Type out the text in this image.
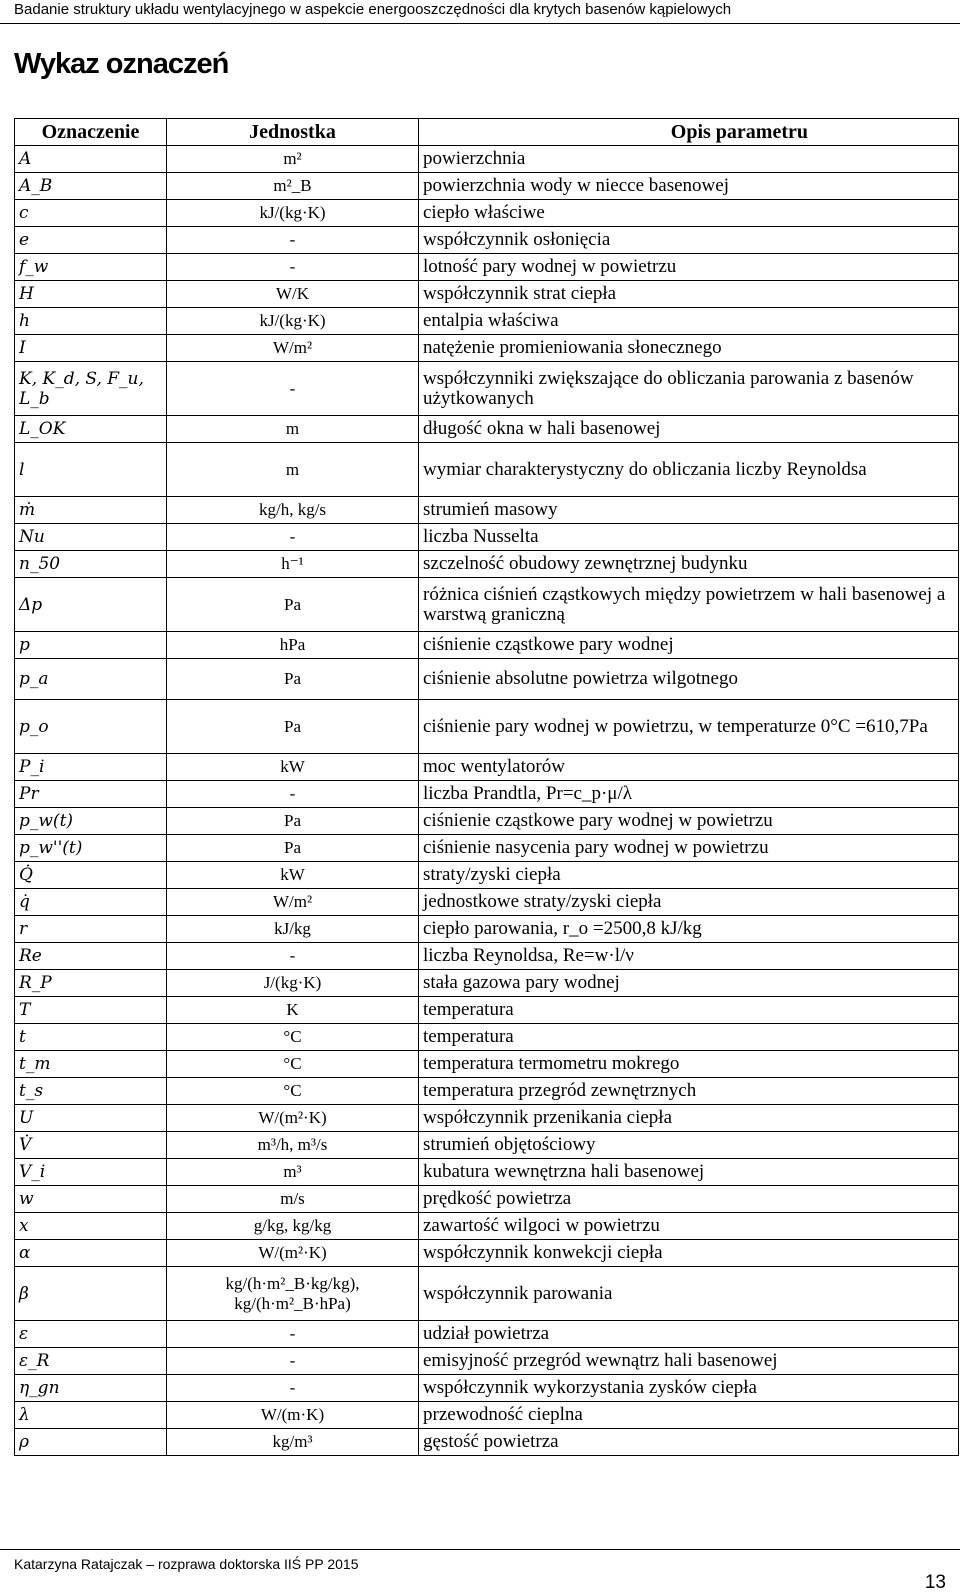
Badanie struktury układu wentylacyjnego w aspekcie energooszczędności dla krytych basenów kąpielowych
Wykaz oznaczeń
Oznaczenie	Jednostka	Opis parametru
A	m²	powierzchnia
A_B	m²_B	powierzchnia wody w niecce basenowej
c	kJ/(kg·K)	ciepło właściwe
e	-	współczynnik osłonięcia
f_w	-	lotność pary wodnej w powietrzu
H	W/K	współczynnik strat ciepła
h	kJ/(kg·K)	entalpia właściwa
I	W/m²	natężenie promieniowania słonecznego
K, K_d, S, F_u, L_b	-	współczynniki zwiększające do obliczania parowania z basenów użytkowanych
L_OK	m	długość okna w hali basenowej
l	m	wymiar charakterystyczny do obliczania liczby Reynoldsa
ṁ	kg/h, kg/s	strumień masowy
Nu	-	liczba Nusselta
n_50	h⁻¹	szczelność obudowy zewnętrznej budynku
Δp	Pa	różnica ciśnień cząstkowych między powietrzem w hali basenowej a warstwą graniczną
p	hPa	ciśnienie cząstkowe pary wodnej
p_a	Pa	ciśnienie absolutne powietrza wilgotnego
p_o	Pa	ciśnienie pary wodnej w powietrzu, w temperaturze 0°C =610,7Pa
P_i	kW	moc wentylatorów
Pr	-	liczba Prandtla, Pr=c_p·μ/λ
p_w(t)	Pa	ciśnienie cząstkowe pary wodnej w powietrzu
p_w''(t)	Pa	ciśnienie nasycenia pary wodnej w powietrzu
Q̇	kW	straty/zyski ciepła
q̇	W/m²	jednostkowe straty/zyski ciepła
r	kJ/kg	ciepło parowania, r_o =2500,8 kJ/kg
Re	-	liczba Reynoldsa, Re=w·l/ν
R_P	J/(kg·K)	stała gazowa pary wodnej
T	K	temperatura
t	°C	temperatura
t_m	°C	temperatura termometru mokrego
t_s	°C	temperatura przegród zewnętrznych
U	W/(m²·K)	współczynnik przenikania ciepła
V̇	m³/h, m³/s	strumień objętościowy
V_i	m³	kubatura wewnętrzna hali basenowej
w	m/s	prędkość powietrza
x	g/kg, kg/kg	zawartość wilgoci w powietrzu
α	W/(m²·K)	współczynnik konwekcji ciepła
β	kg/(h·m²_B·kg/kg), kg/(h·m²_B·hPa)	współczynnik parowania
ε	-	udział powietrza
ε_R	-	emisyjność przegród wewnątrz hali basenowej
η_gn	-	współczynnik wykorzystania zysków ciepła
λ	W/(m·K)	przewodność cieplna
ρ	kg/m³	gęstość powietrza
Katarzyna Ratajczak – rozprawa doktorska IIŚ PP 2015
13
